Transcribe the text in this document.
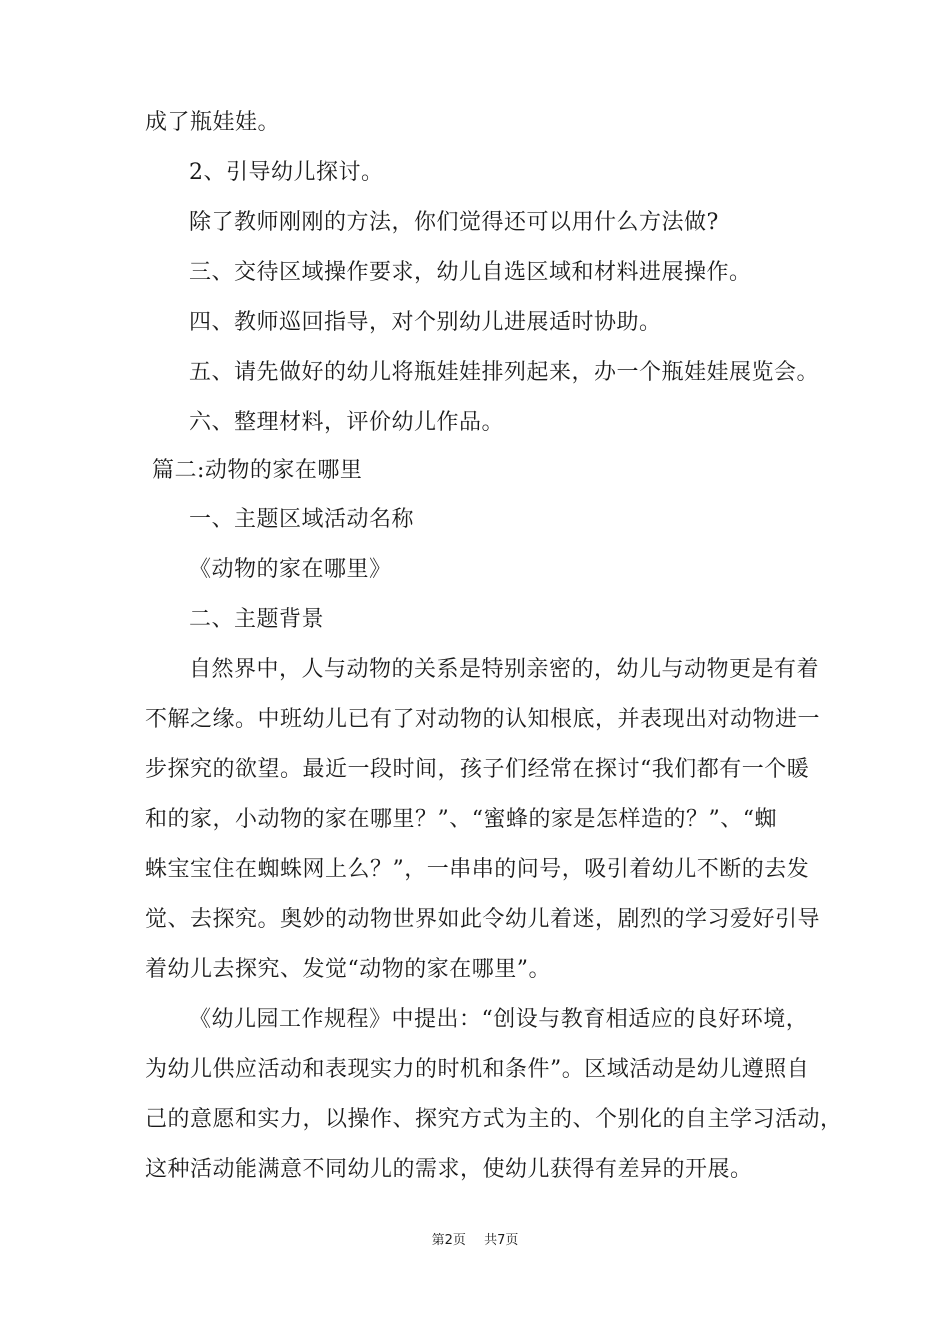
成了瓶娃娃。
2、引导幼儿探讨。
除了教师刚刚的方法，你们觉得还可以用什么方法做?
三、交待区域操作要求，幼儿自选区域和材料进展操作。
四、教师巡回指导，对个别幼儿进展适时协助。
五、请先做好的幼儿将瓶娃娃排列起来，办一个瓶娃娃展览会。
六、整理材料，评价幼儿作品。
篇二:动物的家在哪里
一、主题区域活动名称
《动物的家在哪里》
二、主题背景
自然界中，人与动物的关系是特别亲密的，幼儿与动物更是有着
不解之缘。中班幼儿已有了对动物的认知根底，并表现出对动物进一
步探究的欲望。最近一段时间，孩子们经常在探讨“我们都有一个暖
和的家，小动物的家在哪里？”、“蜜蜂的家是怎样造的？”、“蜘
蛛宝宝住在蜘蛛网上么？”，一串串的问号，吸引着幼儿不断的去发
觉、去探究。奥妙的动物世界如此令幼儿着迷，剧烈的学习爱好引导
着幼儿去探究、发觉“动物的家在哪里”。
《幼儿园工作规程》中提出：“创设与教育相适应的良好环境，
为幼儿供应活动和表现实力的时机和条件”。区域活动是幼儿遵照自
己的意愿和实力，以操作、探究方式为主的、个别化的自主学习活动，
这种活动能满意不同幼儿的需求，使幼儿获得有差异的开展。
第2页 共7页
